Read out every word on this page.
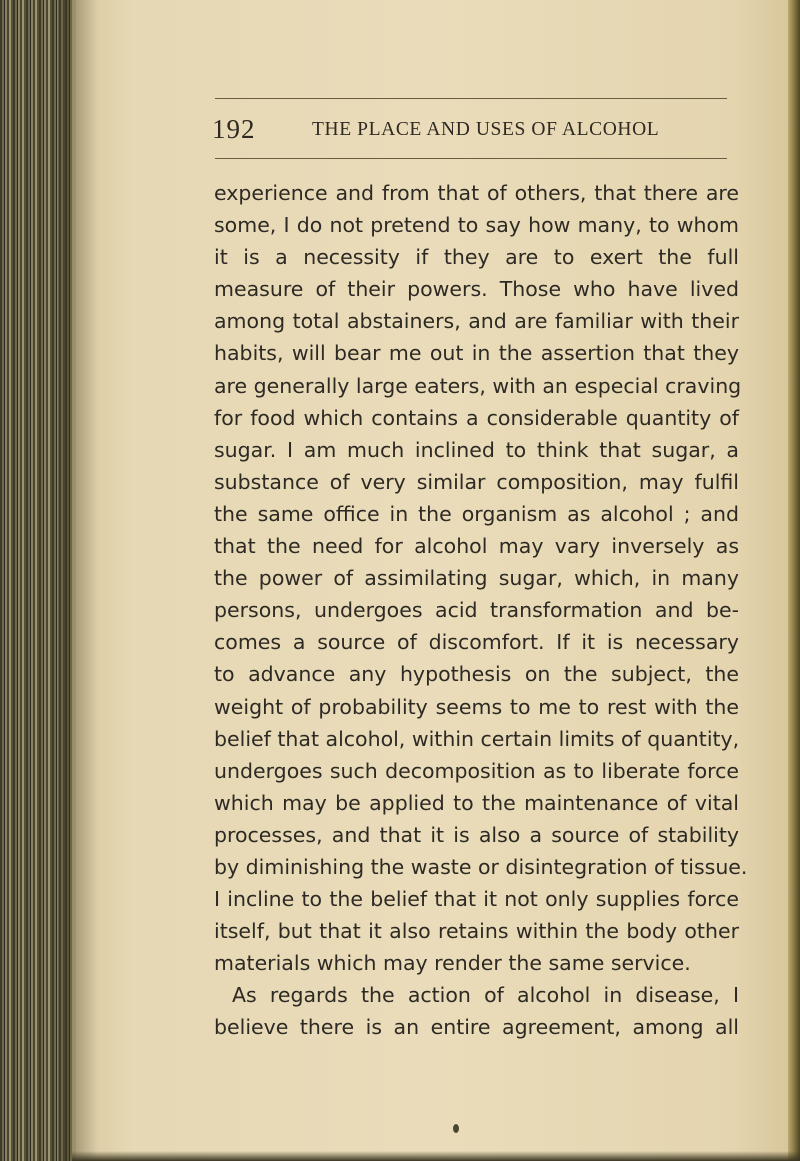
192	THE PLACE AND USES OF ALCOHOL
experience and from that of others, that there are
some, I do not pretend to say how many, to whom
it is a necessity if they are to exert the full
measure of their powers. Those who have lived
among total abstainers, and are familiar with their
habits, will bear me out in the assertion that they
are generally large eaters, with an especial craving
for food which contains a considerable quantity of
sugar. I am much inclined to think that sugar, a
substance of very similar composition, may fulfil
the same office in the organism as alcohol ; and
that the need for alcohol may vary inversely as
the power of assimilating sugar, which, in many
persons, undergoes acid transformation and be-
comes a source of discomfort. If it is necessary
to advance any hypothesis on the subject, the
weight of probability seems to me to rest with the
belief that alcohol, within certain limits of quantity,
undergoes such decomposition as to liberate force
which may be applied to the maintenance of vital
processes, and that it is also a source of stability
by diminishing the waste or disintegration of tissue.
I incline to the belief that it not only supplies force
itself, but that it also retains within the body other
materials which may render the same service.
As regards the action of alcohol in disease, I
believe there is an entire agreement, among all
